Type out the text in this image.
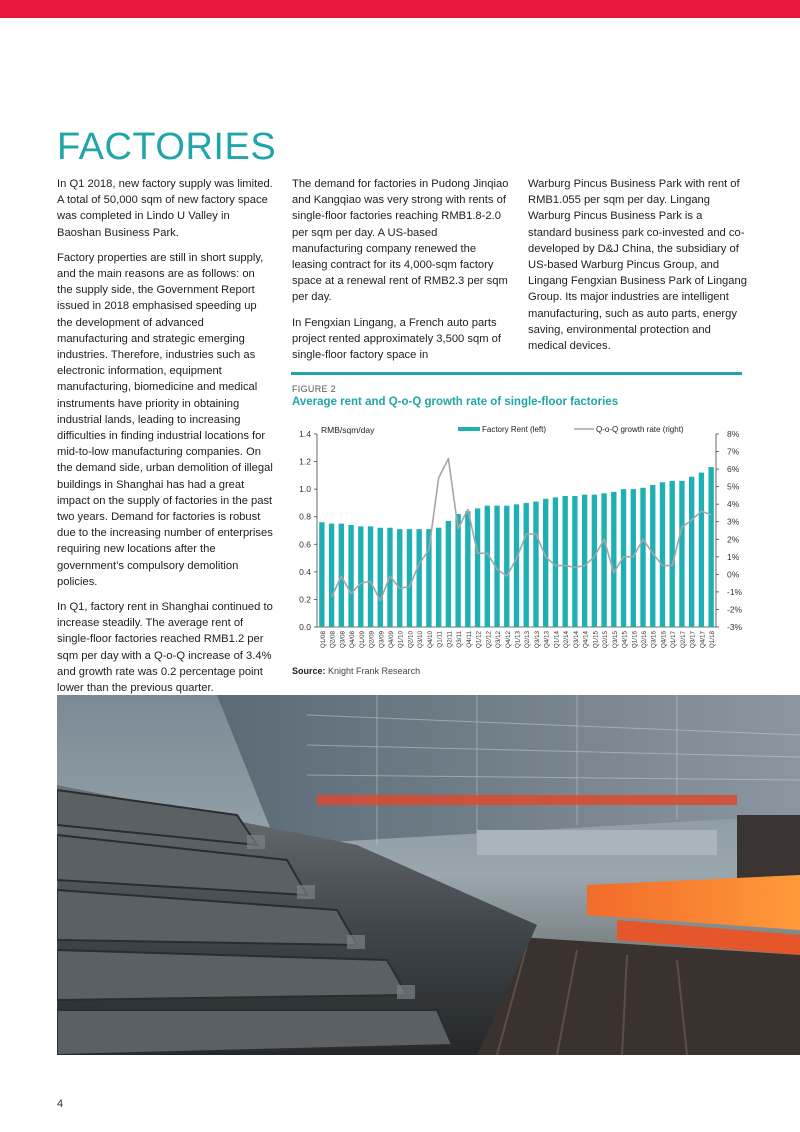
FACTORIES

In Q1 2018, new factory supply was limited. A total of 50,000 sqm of new factory space was completed in Lindo U Valley in Baoshan Business Park.

Factory properties are still in short supply, and the main reasons are as follows: on the supply side, the Government Report issued in 2018 emphasised speeding up the development of advanced manufacturing and strategic emerging industries. Therefore, industries such as electronic information, equipment manufacturing, biomedicine and medical instruments have priority in obtaining industrial lands, leading to increasing difficulties in finding industrial locations for mid-to-low manufacturing companies. On the demand side, urban demolition of illegal buildings in Shanghai has had a great impact on the supply of factories in the past two years. Demand for factories is robust due to the increasing number of enterprises requiring new locations after the government’s compulsory demolition policies.

In Q1, factory rent in Shanghai continued to increase steadily. The average rent of single-floor factories reached RMB1.2 per sqm per day with a Q-o-Q increase of 3.4% and growth rate was 0.2 percentage point lower than the previous quarter.

The demand for factories in Pudong Jinqiao and Kangqiao was very strong with rents of single-floor factories reaching RMB1.8-2.0 per sqm per day. A US-based manufacturing company renewed the leasing contract for its 4,000-sqm factory space at a renewal rent of RMB2.3 per sqm per day.

In Fengxian Lingang, a French auto parts project rented approximately 3,500 sqm of single-floor factory space in

Warburg Pincus Business Park with rent of RMB1.055 per sqm per day. Lingang Warburg Pincus Business Park is a standard business park co-invested and co-developed by D&J China, the subsidiary of US-based Warburg Pincus Group, and Lingang Fengxian Business Park of Lingang Group. Its major industries are intelligent manufacturing, such as auto parts, energy saving, environmental protection and medical devices.

FIGURE 2
Average rent and Q-o-Q growth rate of single-floor factories
0.0
0.2
0.4
0.6
0.8
1.0
1.2
1.4
-3%
-2%
-1%
0%
1%
2%
3%
4%
5%
6%
7%
8%
RMB/sqm/day
Q1/08 Q2/08 Q3/08 Q4/08 Q1/09 Q2/09 Q3/09 Q4/09 Q1/10 Q2/10 Q3/10 Q4/10 Q1/11 Q2/11 Q3/11 Q4/11 Q1/12 Q2/12 Q3/12 Q4/12 Q1/13 Q2/13 Q3/13 Q4/13 Q1/14 Q2/14 Q3/14 Q4/14 Q1/15 Q2/15 Q3/15 Q4/15 Q1/16 Q2/16 Q3/16 Q4/16 Q1/17 Q2/17 Q3/17 Q4/17 Q1/18
Factory Rent (left)	Q-o-Q growth rate (right)
Source: Knight Frank Research
4
